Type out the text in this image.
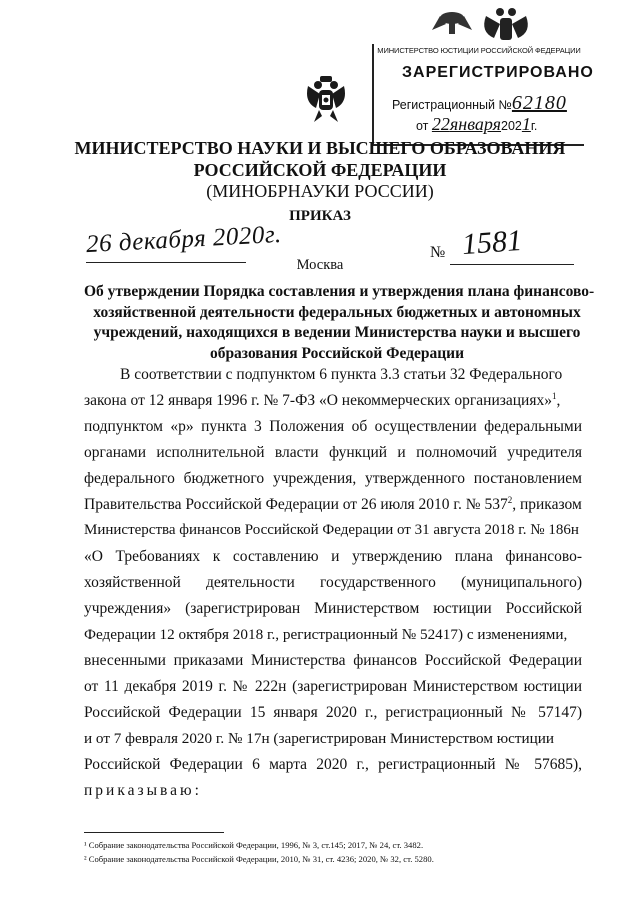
МИНИСТЕРСТВО ЮСТИЦИИ РОССИЙСКОЙ ФЕДЕРАЦИИ
ЗАРЕГИСТРИРОВАНО
Регистрационный №62180
от 22января2021г.
МИНИСТЕРСТВО НАУКИ И ВЫСШЕГО ОБРАЗОВАНИЯ
РОССИЙСКОЙ ФЕДЕРАЦИИ
(МИНОБРНАУКИ РОССИИ)
ПРИКАЗ
26 декабря 2020г.	№ 1581
Москва
Об утверждении Порядка составления и утверждения плана финансово-
хозяйственной деятельности федеральных бюджетных и автономных
учреждений, находящихся в ведении Министерства науки и высшего
образования Российской Федерации
В соответствии с подпунктом 6 пункта 3.3 статьи 32 Федерального
закона от 12 января 1996 г. № 7-ФЗ «О некоммерческих организациях»$^1$,
подпунктом «р» пункта 3 Положения об осуществлении федеральными
органами исполнительной власти функций и полномочий учредителя
федерального бюджетного учреждения, утвержденного постановлением
Правительства Российской Федерации от 26 июля 2010 г. № $537^2$, приказом
Министерства финансов Российской Федерации от 31 августа 2018 г. № 186н
«О Требованиях к составлению и утверждению плана финансово-
хозяйственной деятельности государственного (муниципального)
учреждения» (зарегистрирован Министерством юстиции Российской
Федерации 12 октября 2018 г., регистрационный № 52417) с изменениями,
внесенными приказами Министерства финансов Российской Федерации
от 11 декабря 2019 г. № 222н (зарегистрирован Министерством юстиции
Российской Федерации 15 января 2020 г., регистрационный № 57147)
и от 7 февраля 2020 г. № 17н (зарегистрирован Министерством юстиции
Российской Федерации 6 марта 2020 г., регистрационный № 57685),
приказываю:
¹ Собрание законодательства Российской Федерации, 1996, № 3, ст.145; 2017, № 24, ст. 3482.
² Собрание законодательства Российской Федерации, 2010, № 31, ст. 4236; 2020, № 32, ст. 5280.
